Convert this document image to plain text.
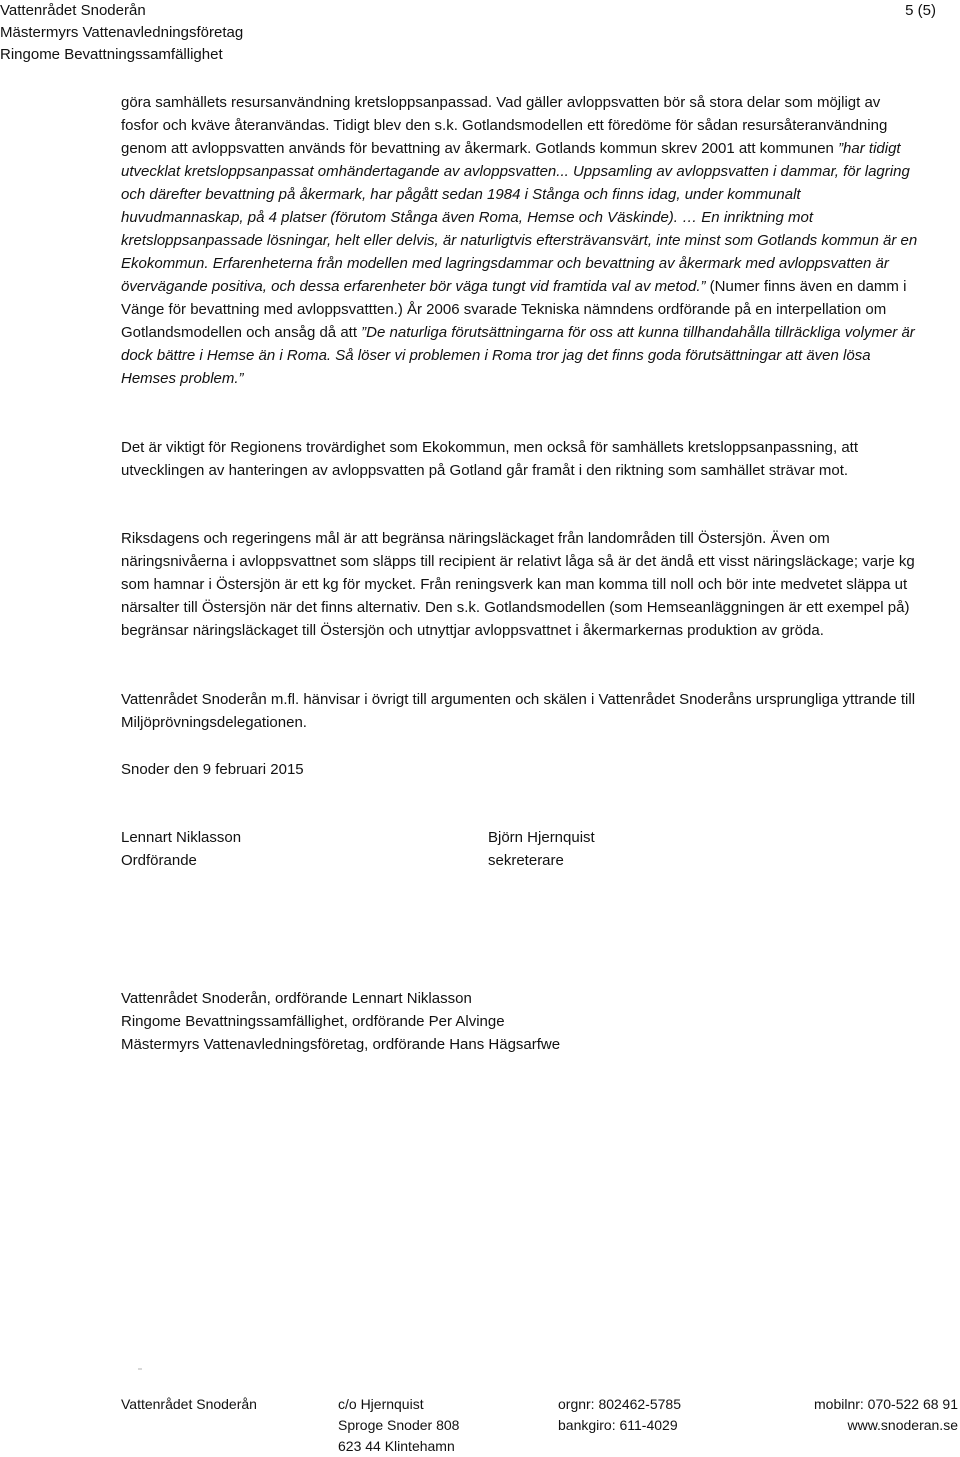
Vattenrådet Snoderån
Mästermyrs Vattenavledningsföretag
Ringome Bevattningssamfällighet
5 (5)

göra samhällets resursanvändning kretsloppsanpassad. Vad gäller avloppsvatten bör så stora delar som möjligt av fosfor och kväve återanvändas. Tidigt blev den s.k. Gotlandsmodellen ett föredöme för sådan resursåteranvändning genom att avloppsvatten används för bevattning av åkermark. Gotlands kommun skrev 2001 att kommunen ”har tidigt utvecklat kretsloppsanpassat omhändertagande av avloppsvatten... Uppsamling av avloppsvatten i dammar, för lagring och därefter bevattning på åkermark, har pågått sedan 1984 i Stånga och finns idag, under kommunalt huvudmannaskap, på 4 platser (förutom Stånga även Roma, Hemse och Väskinde). … En inriktning mot kretsloppsanpassade lösningar, helt eller delvis, är naturligtvis eftersträvansvärt, inte minst som Gotlands kommun är en Ekokommun. Erfarenheterna från modellen med lagringsdammar och bevattning av åkermark med avloppsvatten är övervägande positiva, och dessa erfarenheter bör väga tungt vid framtida val av metod.” (Numer finns även en damm i Vänge för bevattning med avloppsvattten.) År 2006 svarade Tekniska nämndens ordförande på en interpellation om Gotlandsmodellen och ansåg då att ”De naturliga förutsättningarna för oss att kunna tillhandahålla tillräckliga volymer är dock bättre i Hemse än i Roma. Så löser vi problemen i Roma tror jag det finns goda förutsättningar att även lösa Hemses problem.”

Det är viktigt för Regionens trovärdighet som Ekokommun, men också för samhällets kretsloppsanpassning, att utvecklingen av hanteringen av avloppsvatten på Gotland går framåt i den riktning som samhället strävar mot.

Riksdagens och regeringens mål är att begränsa näringsläckaget från landområden till Östersjön. Även om näringsnivåerna i avloppsvattnet som släpps till recipient är relativt låga så är det ändå ett visst näringsläckage; varje kg som hamnar i Östersjön är ett kg för mycket. Från reningsverk kan man komma till noll och bör inte medvetet släppa ut närsalter till Östersjön när det finns alternativ. Den s.k. Gotlandsmodellen (som Hemseanläggningen är ett exempel på) begränsar näringsläckaget till Östersjön och utnyttjar avloppsvattnet i åkermarkernas produktion av gröda.

Vattenrådet Snoderån m.fl. hänvisar i övrigt till argumenten och skälen i Vattenrådet Snoderåns ursprungliga yttrande till Miljöprövningsdelegationen.

Snoder den 9 februari 2015
Lennart Niklasson
Ordförande
Björn Hjernquist
sekreterare
Vattenrådet Snoderån, ordförande Lennart Niklasson
Ringome Bevattningssamfällighet, ordförande Per Alvinge
Mästermyrs Vattenavledningsföretag, ordförande Hans Hägsarfwe
Vattenrådet Snoderån	c/o Hjernquist
Sproge Snoder 808
623 44 Klintehamn
orgnr: 802462-5785
bankgiro: 611-4029
mobilnr: 070-522 68 91
www.snoderan.se
